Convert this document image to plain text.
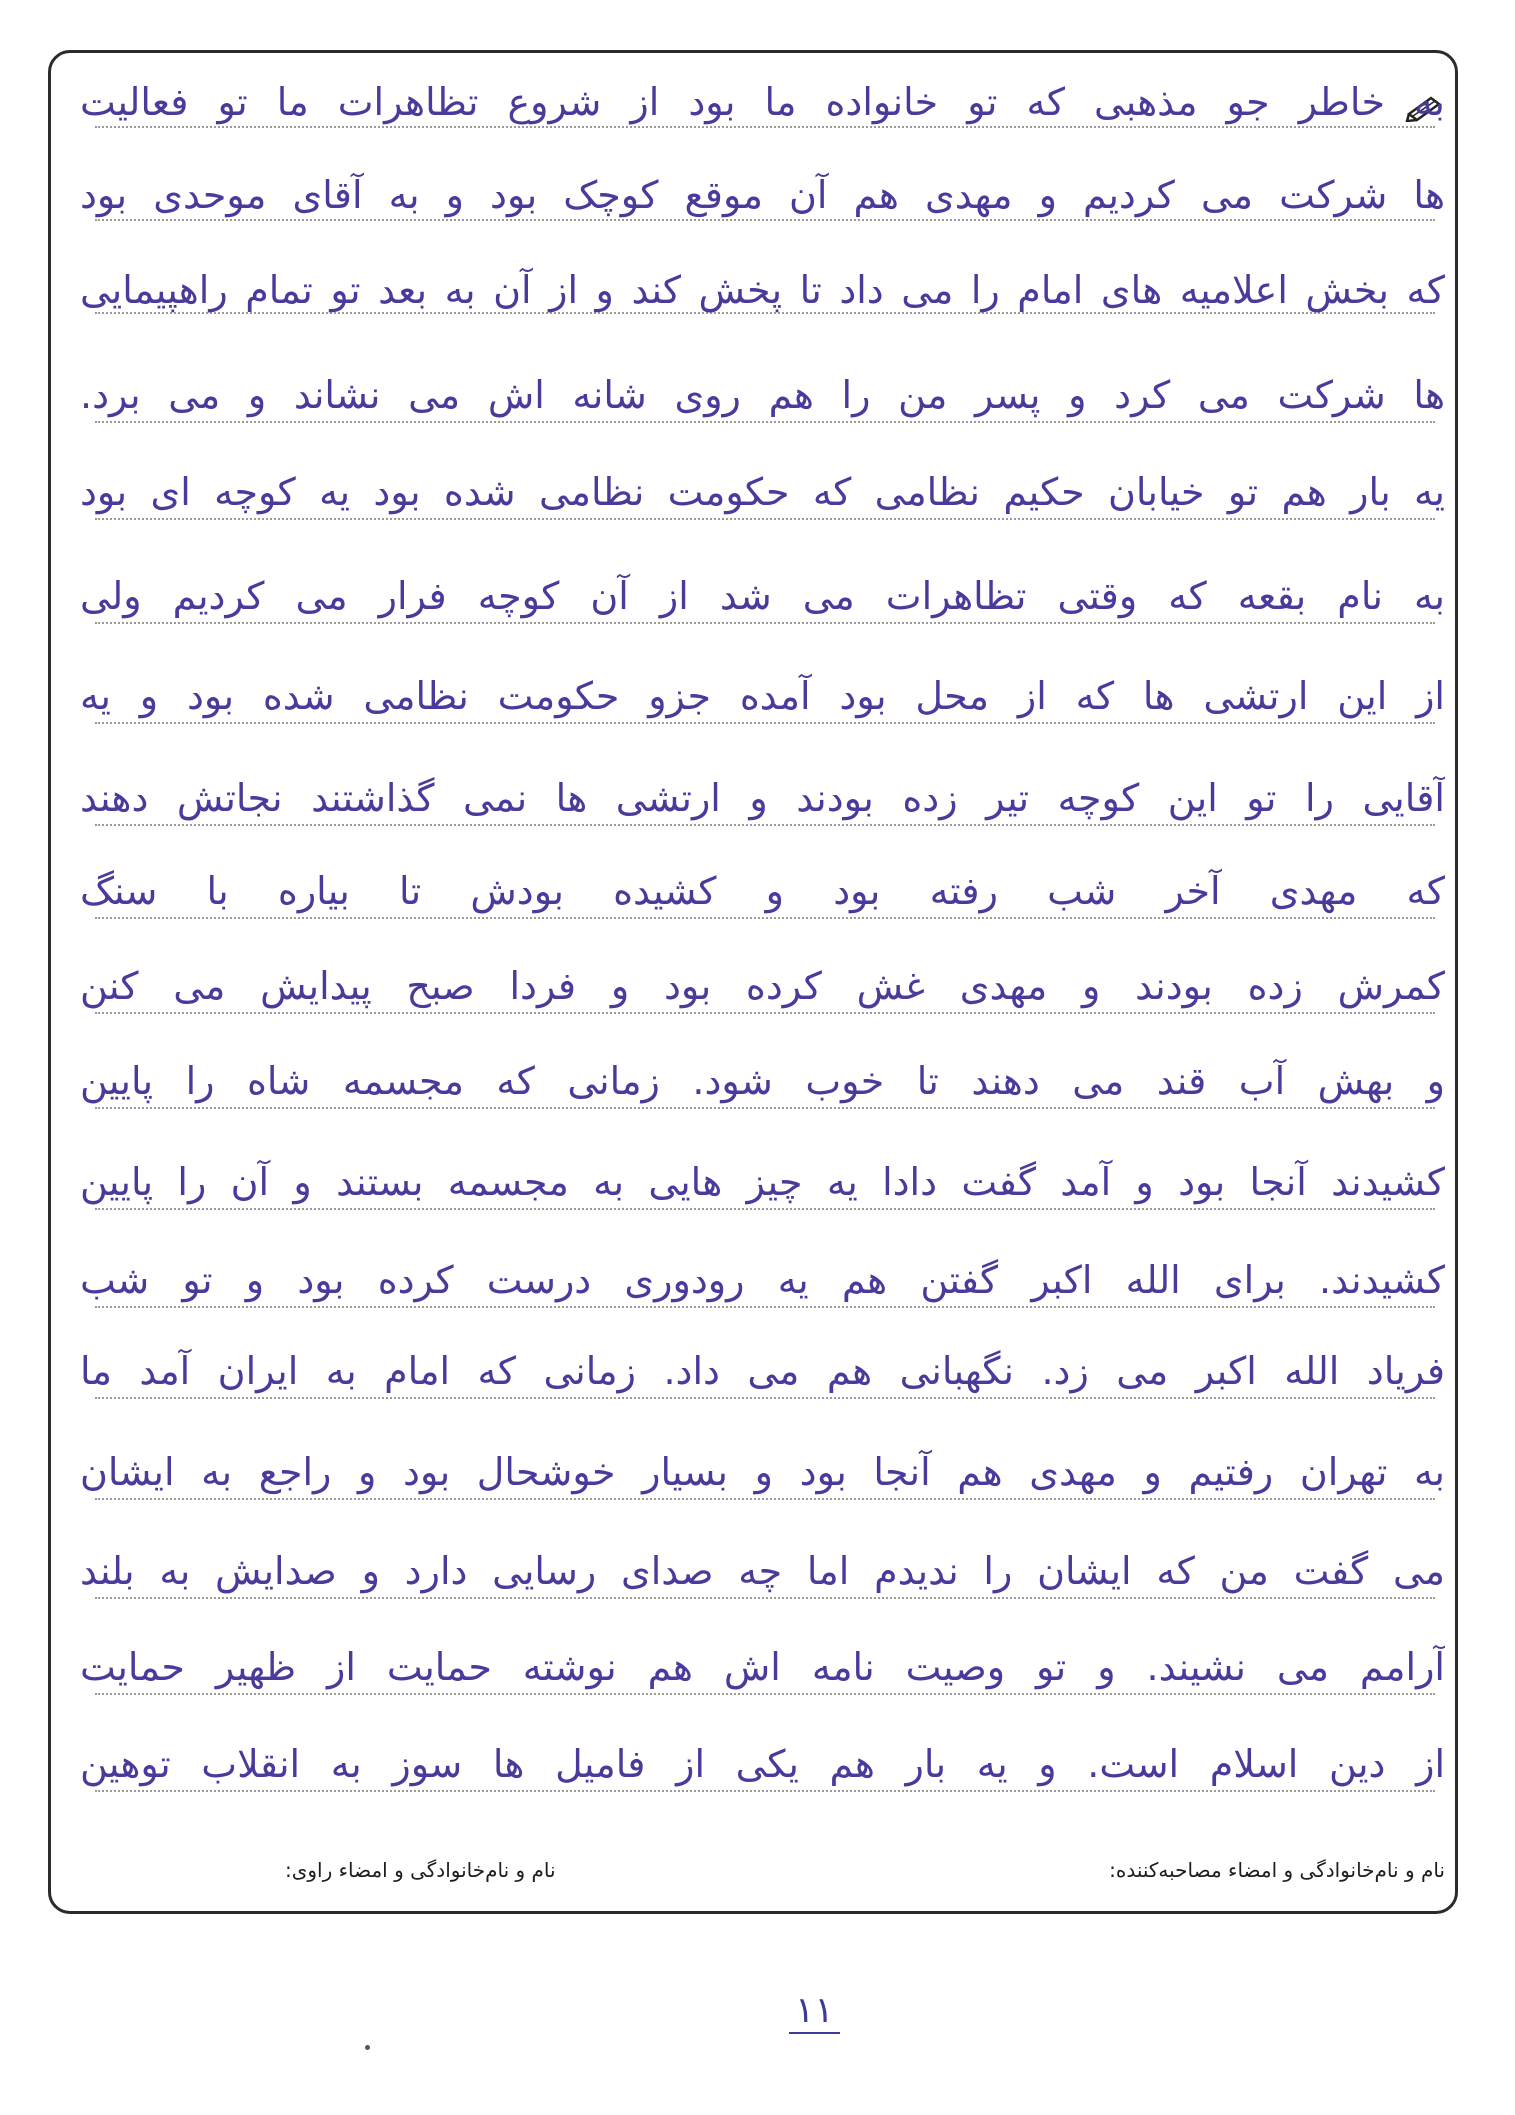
به خاطر جو مذهبی که تو خانواده ما بود از شروع تظاهرات ما تو فعالیت
ها شرکت می کردیم و مهدی هم آن موقع کوچک بود و به آقای موحدی بود
که بخش اعلامیه های امام را می داد تا پخش کند و از آن به بعد تو تمام راهپیمایی
ها شرکت می کرد و پسر من را هم روی شانه اش می نشاند و می برد.
یه بار هم تو خیابان حکیم نظامی که حکومت نظامی شده بود یه کوچه ای بود
به نام بقعه که وقتی تظاهرات می شد از آن کوچه فرار می کردیم ولی
از این ارتشی ها که از محل بود آمده جزو حکومت نظامی شده بود و یه
آقایی را تو این کوچه تیر زده بودند و ارتشی ها نمی گذاشتند نجاتش دهند
که مهدی آخر شب رفته بود و کشیده بودش تا بیاره با سنگ
کمرش زده بودند و مهدی غش کرده بود و فردا صبح پیدایش می کنن
و بهش آب قند می دهند تا خوب شود. زمانی که مجسمه شاه را پایین
کشیدند آنجا بود و آمد گفت دادا یه چیز هایی به مجسمه بستند و آن را پایین
کشیدند. برای الله اکبر گفتن هم یه رودوری درست کرده بود و تو شب
فریاد الله اکبر می زد. نگهبانی هم می داد. زمانی که امام به ایران آمد ما
به تهران رفتیم و مهدی هم آنجا بود و بسیار خوشحال بود و راجع به ایشان
می گفت من که ایشان را ندیدم اما چه صدای رسایی دارد و صدایش به بلند
آرامم می نشیند. و تو وصیت نامه اش هم نوشته حمایت از ظهیر حمایت
از دین اسلام است. و یه بار هم یکی از فامیل ها سوز به انقلاب توهین
نام و نام‌خانوادگی و امضاء مصاحبه‌کننده:
نام و نام‌خانوادگی و امضاء راوی:
۱۱
